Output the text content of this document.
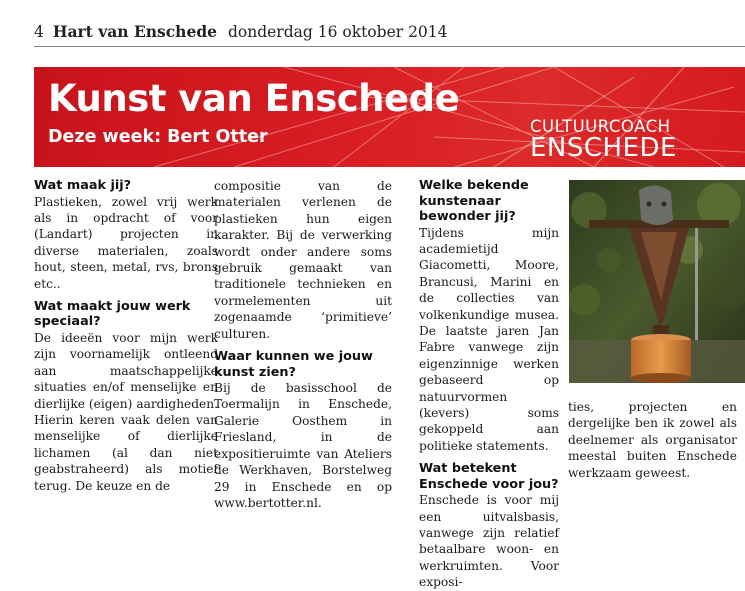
4 Hart van Enschede donderdag 16 oktober 2014
Kunst van Enschede
Deze week: Bert Otter
CULTUURCOACH
ENSCHEDE
Wat maak jij?

Plastieken, zowel vrij werk als in opdracht of voor (Landart) projecten in diverse materialen, zoals hout, steen, metal, rvs, brons etc..

Wat maakt jouw werk speciaal?

De ideeën voor mijn werk zijn voornamelijk ontleend aan maatschappelijke situaties en/of menselijke en dierlijke (eigen) aardigheden. Hierin keren vaak delen van menselijke of dierlijke lichamen (al dan niet geabstraheerd) als motief terug. De keuze en de

compositie van de materialen verlenen de plastieken hun eigen karakter. Bij de verwerking wordt onder andere soms gebruik gemaakt van traditionele technieken en vormelementen uit zogenaamde ‘primitieve’ culturen.

Waar kunnen we jouw kunst zien?

Bij de basisschool de Toermalijn in Enschede, Galerie Oosthem in Friesland, in de expositieruimte van Ateliers de Werkhaven, Borstelweg 29 in Enschede en op www.bertotter.nl.

Welke bekende kunstenaar bewonder jij?

Tijdens mijn academietijd Giacometti, Moore, Brancusi, Marini en de collecties van volkenkundige musea. De laatste jaren Jan Fabre vanwege zijn eigenzinnige werken gebaseerd op natuurvormen (kevers) soms gekoppeld aan politieke statements.

Wat betekent Enschede voor jou?

Enschede is voor mij een uitvalsbasis, vanwege zijn relatief betaalbare woon- en werkruimten. Voor exposi-

ties, projecten en dergelijke ben ik zowel als deelnemer als organisator meestal buiten Enschede werkzaam geweest.
